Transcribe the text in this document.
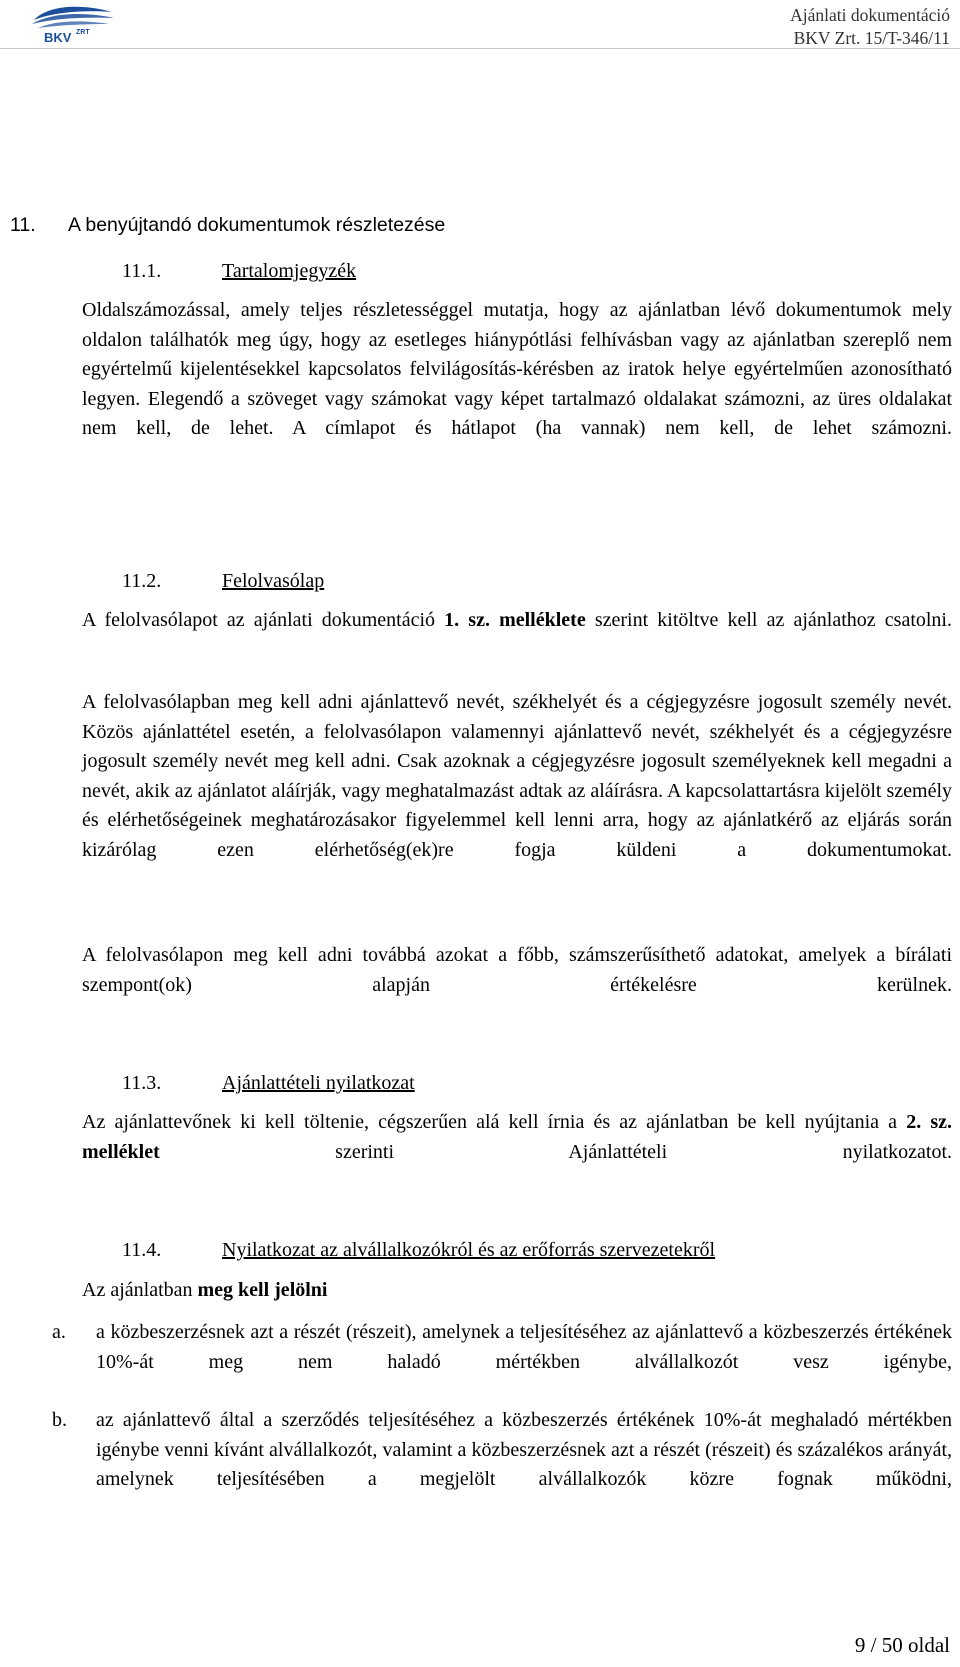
BKV ZRT
Ajánlati dokumentáció
BKV Zrt. 15/T-346/11
11. A benyújtandó dokumentumok részletezése
11.1.	Tartalomjegyzék
Oldalszámozással, amely teljes részletességgel mutatja, hogy az ajánlatban lévő dokumentumok mely oldalon találhatók meg úgy, hogy az esetleges hiánypótlási felhívásban vagy az ajánlatban szereplő nem egyértelmű kijelentésekkel kapcsolatos felvilágosítás-kérésben az iratok helye egyértelműen azonosítható legyen. Elegendő a szöveget vagy számokat vagy képet tartalmazó oldalakat számozni, az üres oldalakat nem kell, de lehet. A címlapot és hátlapot (ha vannak) nem kell, de lehet számozni.
11.2.	Felolvasólap
A felolvasólapot az ajánlati dokumentáció 1. sz. melléklete szerint kitöltve kell az ajánlathoz csatolni.
A felolvasólapban meg kell adni ajánlattevő nevét, székhelyét és a cégjegyzésre jogosult személy nevét. Közös ajánlattétel esetén, a felolvasólapon valamennyi ajánlattevő nevét, székhelyét és a cégjegyzésre jogosult személy nevét meg kell adni. Csak azoknak a cégjegyzésre jogosult személyeknek kell megadni a nevét, akik az ajánlatot aláírják, vagy meghatalmazást adtak az aláírásra. A kapcsolattartásra kijelölt személy és elérhetőségeinek meghatározásakor figyelemmel kell lenni arra, hogy az ajánlatkérő az eljárás során kizárólag ezen elérhetőség(ek)re fogja küldeni a dokumentumokat.
A felolvasólapon meg kell adni továbbá azokat a főbb, számszerűsíthető adatokat, amelyek a bírálati szempont(ok) alapján értékelésre kerülnek.
11.3.	Ajánlattételi nyilatkozat
Az ajánlattevőnek ki kell töltenie, cégszerűen alá kell írnia és az ajánlatban be kell nyújtania a 2. sz. melléklet szerinti Ajánlattételi nyilatkozatot.
11.4.	Nyilatkozat az alvállalkozókról és az erőforrás szervezetekről
Az ajánlatban meg kell jelölni
a. a közbeszerzésnek azt a részét (részeit), amelynek a teljesítéséhez az ajánlattevő a közbeszerzés értékének 10%-át meg nem haladó mértékben alvállalkozót vesz igénybe,
b. az ajánlattevő által a szerződés teljesítéséhez a közbeszerzés értékének 10%-át meghaladó mértékben igénybe venni kívánt alvállalkozót, valamint a közbeszerzésnek azt a részét (részeit) és százalékos arányát, amelynek teljesítésében a megjelölt alvállalkozók közre fognak működni,
9 / 50 oldal
